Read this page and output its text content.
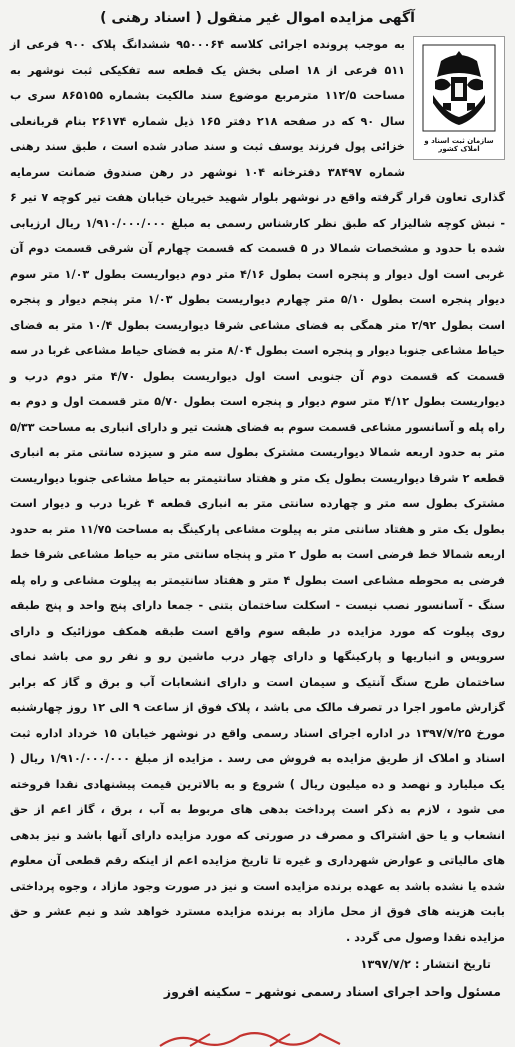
آگهی مزایده اموال غیر منقول ( اسناد رهنی )
سازمان ثبت اسناد و املاک کشور

به موجب پرونده اجرائی کلاسه ۹۵۰۰۰۶۴ ششدانگ پلاک ۹۰۰ فرعی از ۵۱۱ فرعی از ۱۸ اصلی بخش یک قطعه سه تفکیکی ثبت نوشهر به مساحت ۱۱۲/۵ مترمربع موضوع سند مالکیت بشماره ۸۶۵۱۵۵ سری ب سال ۹۰ که در صفحه ۲۱۸ دفتر ۱۶۵ ذیل شماره ۲۶۱۷۴ بنام قربانعلی خزائی پول فرزند یوسف ثبت و سند صادر شده است ، طبق سند رهنی شماره ۳۸۴۹۷ دفترخانه ۱۰۴ نوشهر در رهن صندوق ضمانت سرمایه گذاری تعاون قرار گرفته واقع در نوشهر بلوار شهید خیریان خیابان هفت تیر کوچه ۷ تیر ۶ - نبش کوچه شالیزار که طبق نظر کارشناس رسمی به مبلغ ۱/۹۱۰/۰۰۰/۰۰۰ ریال ارزیابی شده با حدود و مشخصات شمالا در ۵ قسمت که قسمت چهارم آن شرقی قسمت دوم آن غربی است اول دیوار و پنجره است بطول ۴/۱۶ متر دوم دیواریست بطول ۱/۰۳ متر سوم دیوار پنجره است بطول ۵/۱۰ متر چهارم دیواریست بطول ۱/۰۳ متر پنجم دیوار و پنجره است بطول ۲/۹۲ متر همگی به فضای مشاعی شرقا دیواریست بطول ۱۰/۴ متر به فضای حیاط مشاعی جنوبا دیوار و پنجره است بطول ۸/۰۴ متر به فضای حیاط مشاعی غربا در سه قسمت که قسمت دوم آن جنوبی است اول دیواریست بطول ۴/۷۰ متر دوم درب و دیواریست بطول ۴/۱۲ متر سوم دیوار و پنجره است بطول ۵/۷۰ متر قسمت اول و دوم به راه پله و آسانسور مشاعی قسمت سوم به فضای هشت تیر و دارای انباری به مساحت ۵/۳۳ متر به حدود اربعه شمالا دیواریست مشترک بطول سه متر و سیزده سانتی متر به انباری قطعه ۲ شرقا دیواریست بطول یک متر و هفتاد سانتیمتر به حیاط مشاعی جنوبا دیواریست مشترک بطول سه متر و چهارده سانتی متر به انباری قطعه ۴ غربا درب و دیوار است بطول یک متر و هفتاد سانتی متر به پیلوت مشاعی پارکینگ به مساحت ۱۱/۷۵ متر به حدود اربعه شمالا خط فرضی است به طول ۲ متر و پنجاه سانتی متر به حیاط مشاعی شرقا خط فرضی به محوطه مشاعی است بطول ۴ متر و هفتاد سانتیمتر به پیلوت مشاعی و راه پله سنگ - آسانسور نصب نیست - اسکلت ساختمان بتنی - جمعا دارای پنج واحد و پنج طبقه روی پیلوت که مورد مزایده در طبقه سوم واقع است طبقه همکف موزائیک و دارای سرویس و انباریها و پارکینگها و دارای چهار درب ماشین رو و نفر رو می باشد نمای ساختمان طرح سنگ آنتیک و سیمان است و دارای انشعابات آب و برق و گاز که برابر گزارش مامور اجرا در تصرف مالک می باشد ، پلاک فوق از ساعت ۹ الی ۱۲ روز چهارشنبه مورخ ۱۳۹۷/۷/۲۵ در اداره اجرای اسناد رسمی واقع در نوشهر خیابان ۱۵ خرداد اداره ثبت اسناد و املاک از طریق مزایده به فروش می رسد . مزایده از مبلغ ۱/۹۱۰/۰۰۰/۰۰۰ ریال ( یک میلیارد و نهصد و ده میلیون ریال ) شروع و به بالاترین قیمت پیشنهادی نقدا فروخته می شود ، لازم به ذکر است پرداخت بدهی های مربوط به آب ، برق ، گاز اعم از حق انشعاب و یا حق اشتراک و مصرف در صورتی که مورد مزایده دارای آنها باشد و نیز بدهی های مالیاتی و عوارض شهرداری و غیره تا تاریخ مزایده اعم از اینکه رقم قطعی آن معلوم شده یا نشده باشد به عهده برنده مزایده است و نیز در صورت وجود مازاد ، وجوه پرداختی بابت هزینه های فوق از محل مازاد به برنده مزایده مسترد خواهد شد و نیم عشر و حق مزایده نقدا وصول می گردد .

تاریخ انتشار : ۱۳۹۷/۷/۲
مسئول واحد اجرای اسناد رسمی نوشهر – سکینه افروز
